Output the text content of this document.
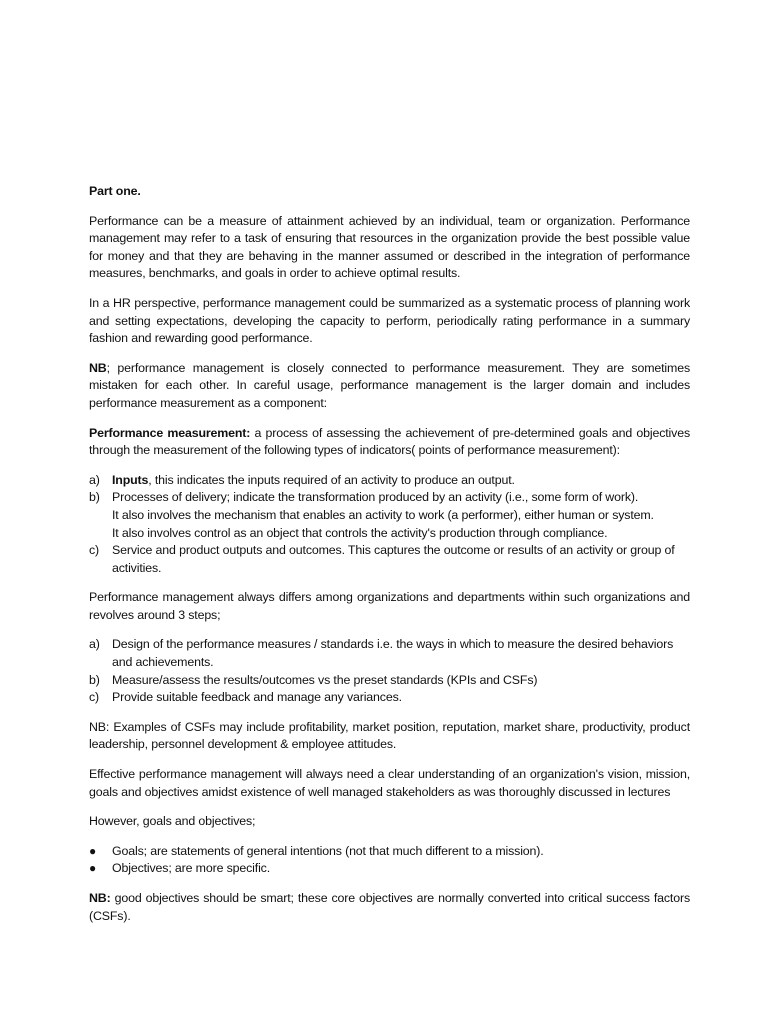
Part one.

Performance can be a measure of attainment achieved by an individual, team or organization. Performance management may refer to a task of ensuring that resources in the organization provide the best possible value for money and that they are behaving in the manner assumed or described in the integration of performance measures, benchmarks, and goals in order to achieve optimal results.

In a HR perspective, performance management could be summarized as a systematic process of planning work and setting expectations, developing the capacity to perform, periodically rating performance in a summary fashion and rewarding good performance.

NB; performance management is closely connected to performance measurement. They are sometimes mistaken for each other. In careful usage, performance management is the larger domain and includes performance measurement as a component:

Performance measurement: a process of assessing the achievement of pre-determined goals and objectives through the measurement of the following types of indicators( points of performance measurement):

a) Inputs, this indicates the inputs required of an activity to produce an output.
b) Processes of delivery; indicate the transformation produced by an activity (i.e., some form of work).
It also involves the mechanism that enables an activity to work (a performer), either human or system.
It also involves control as an object that controls the activity's production through compliance.
c) Service and product outputs and outcomes. This captures the outcome or results of an activity or group of activities.

Performance management always differs among organizations and departments within such organizations and revolves around 3 steps;

a) Design of the performance measures / standards i.e. the ways in which to measure the desired behaviors and achievements.
b) Measure/assess the results/outcomes vs the preset standards (KPIs and CSFs)
c) Provide suitable feedback and manage any variances.

NB: Examples of CSFs may include profitability, market position, reputation, market share, productivity, product leadership, personnel development & employee attitudes.

Effective performance management will always need a clear understanding of an organization's vision, mission, goals and objectives amidst existence of well managed stakeholders as was thoroughly discussed in lectures

However, goals and objectives;

● Goals; are statements of general intentions (not that much different to a mission).
● Objectives; are more specific.

NB: good objectives should be smart; these core objectives are normally converted into critical success factors (CSFs).
